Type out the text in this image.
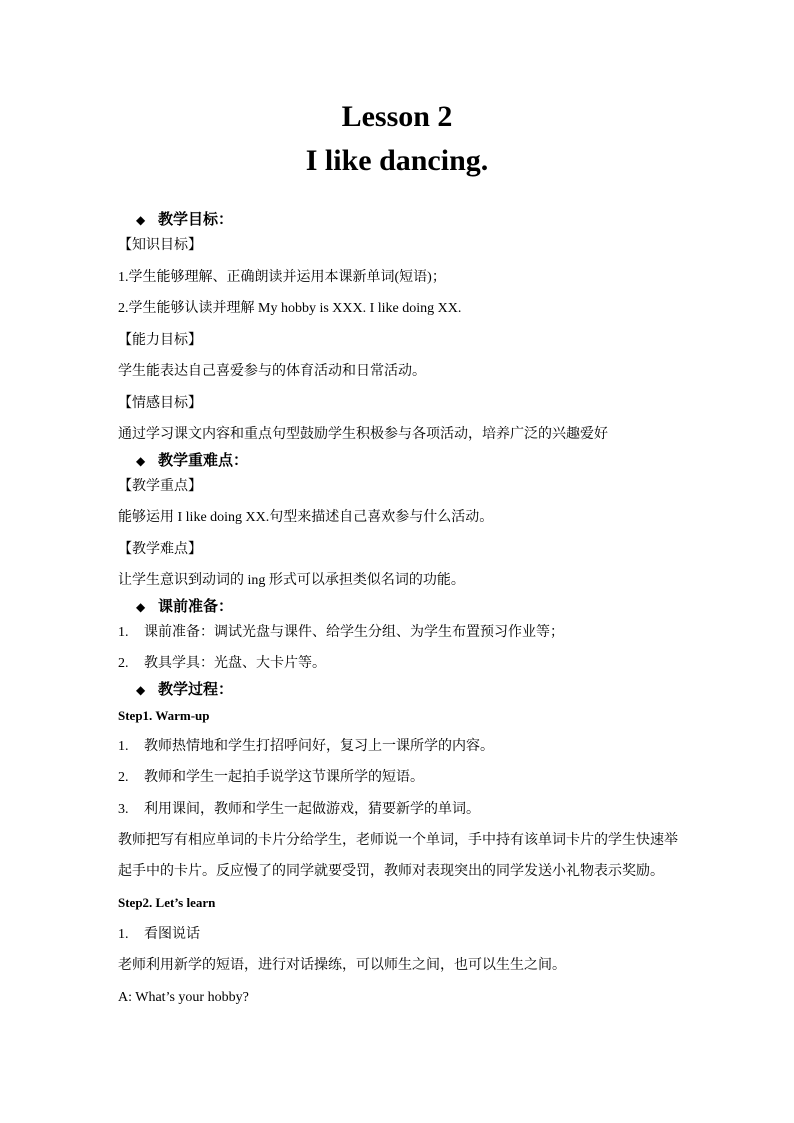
Lesson 2
I like dancing.
◆ 教学目标：
【知识目标】
1.学生能够理解、正确朗读并运用本课新单词(短语)；
2.学生能够认读并理解 My hobby is XXX. I like doing XX.
【能力目标】
学生能表达自己喜爱参与的体育活动和日常活动。
【情感目标】
通过学习课文内容和重点句型鼓励学生积极参与各项活动，培养广泛的兴趣爱好
◆ 教学重难点：
【教学重点】
能够运用 I like doing XX.句型来描述自己喜欢参与什么活动。
【教学难点】
让学生意识到动词的 ing 形式可以承担类似名词的功能。
◆ 课前准备：
1. 课前准备：调试光盘与课件、给学生分组、为学生布置预习作业等；
2. 教具学具：光盘、大卡片等。
◆ 教学过程：
Step1. Warm-up
1. 教师热情地和学生打招呼问好，复习上一课所学的内容。
2. 教师和学生一起拍手说学这节课所学的短语。
3. 利用课间，教师和学生一起做游戏，猜要新学的单词。
教师把写有相应单词的卡片分给学生，老师说一个单词，手中持有该单词卡片的学生快速举
起手中的卡片。反应慢了的同学就要受罚，教师对表现突出的同学发送小礼物表示奖励。
Step2. Let’s learn
1. 看图说话
老师利用新学的短语，进行对话操练，可以师生之间，也可以生生之间。
A: What’s your hobby?
